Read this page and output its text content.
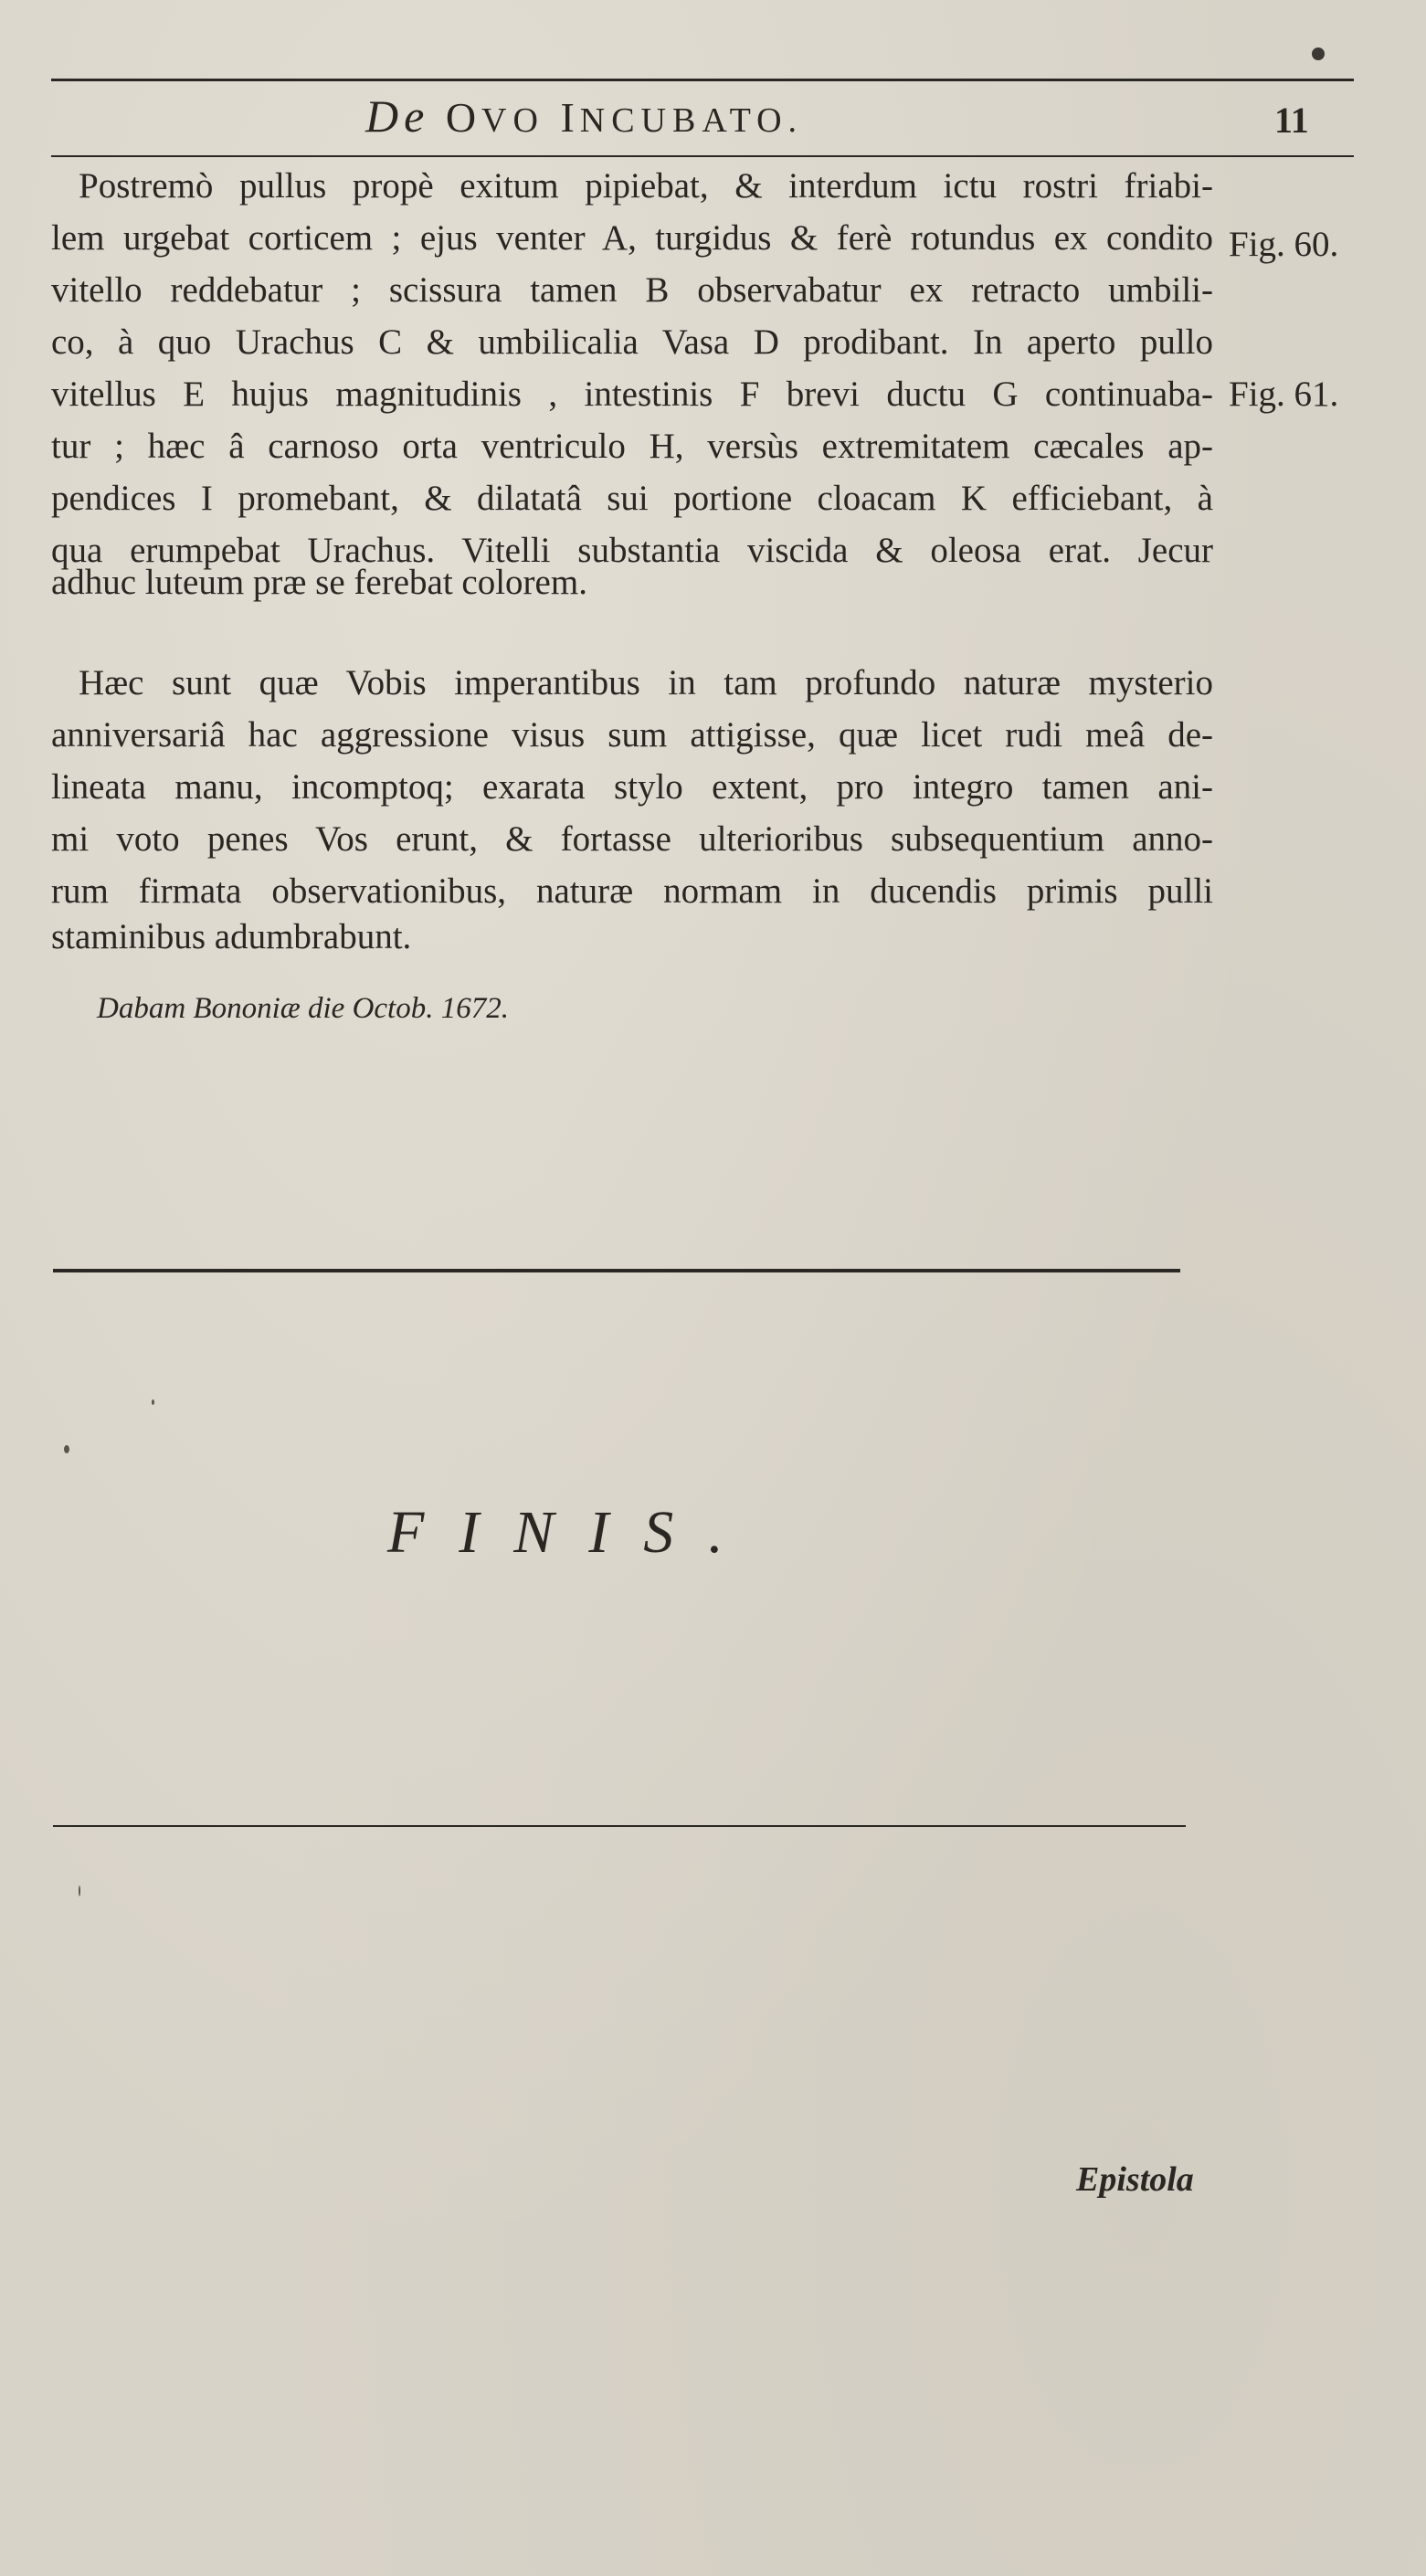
De OVO INCUBATO.	11
Postremò pullus propè exitum pipiebat, & interdum ictu rostri friabi-
lem urgebat corticem ; ejus venter A, turgidus & ferè rotundus ex condito
vitello reddebatur ; scissura tamen B observabatur ex retracto umbili-
co, à quo Urachus C & umbilicalia Vasa D prodibant. In aperto pullo
vitellus E hujus magnitudinis , intestinis F brevi ductu G continuaba-
tur ; hæc â carnoso orta ventriculo H, versùs extremitatem cæcales ap-
pendices I promebant, & dilatatâ sui portione cloacam K efficiebant, à
qua erumpebat Urachus. Vitelli substantia viscida & oleosa erat. Jecur
adhuc luteum præ se ferebat colorem.
Fig. 60.
Fig. 61.
Hæc sunt quæ Vobis imperantibus in tam profundo naturæ mysterio
anniversariâ hac aggressione visus sum attigisse, quæ licet rudi meâ de-
lineata manu, incomptoq; exarata stylo extent, pro integro tamen ani-
mi voto penes Vos erunt, & fortasse ulterioribus subsequentium anno-
rum firmata observationibus, naturæ normam in ducendis primis pulli
staminibus adumbrabunt.
Dabam Bononiæ die Octob. 1672.
FINIS.
Epistola
